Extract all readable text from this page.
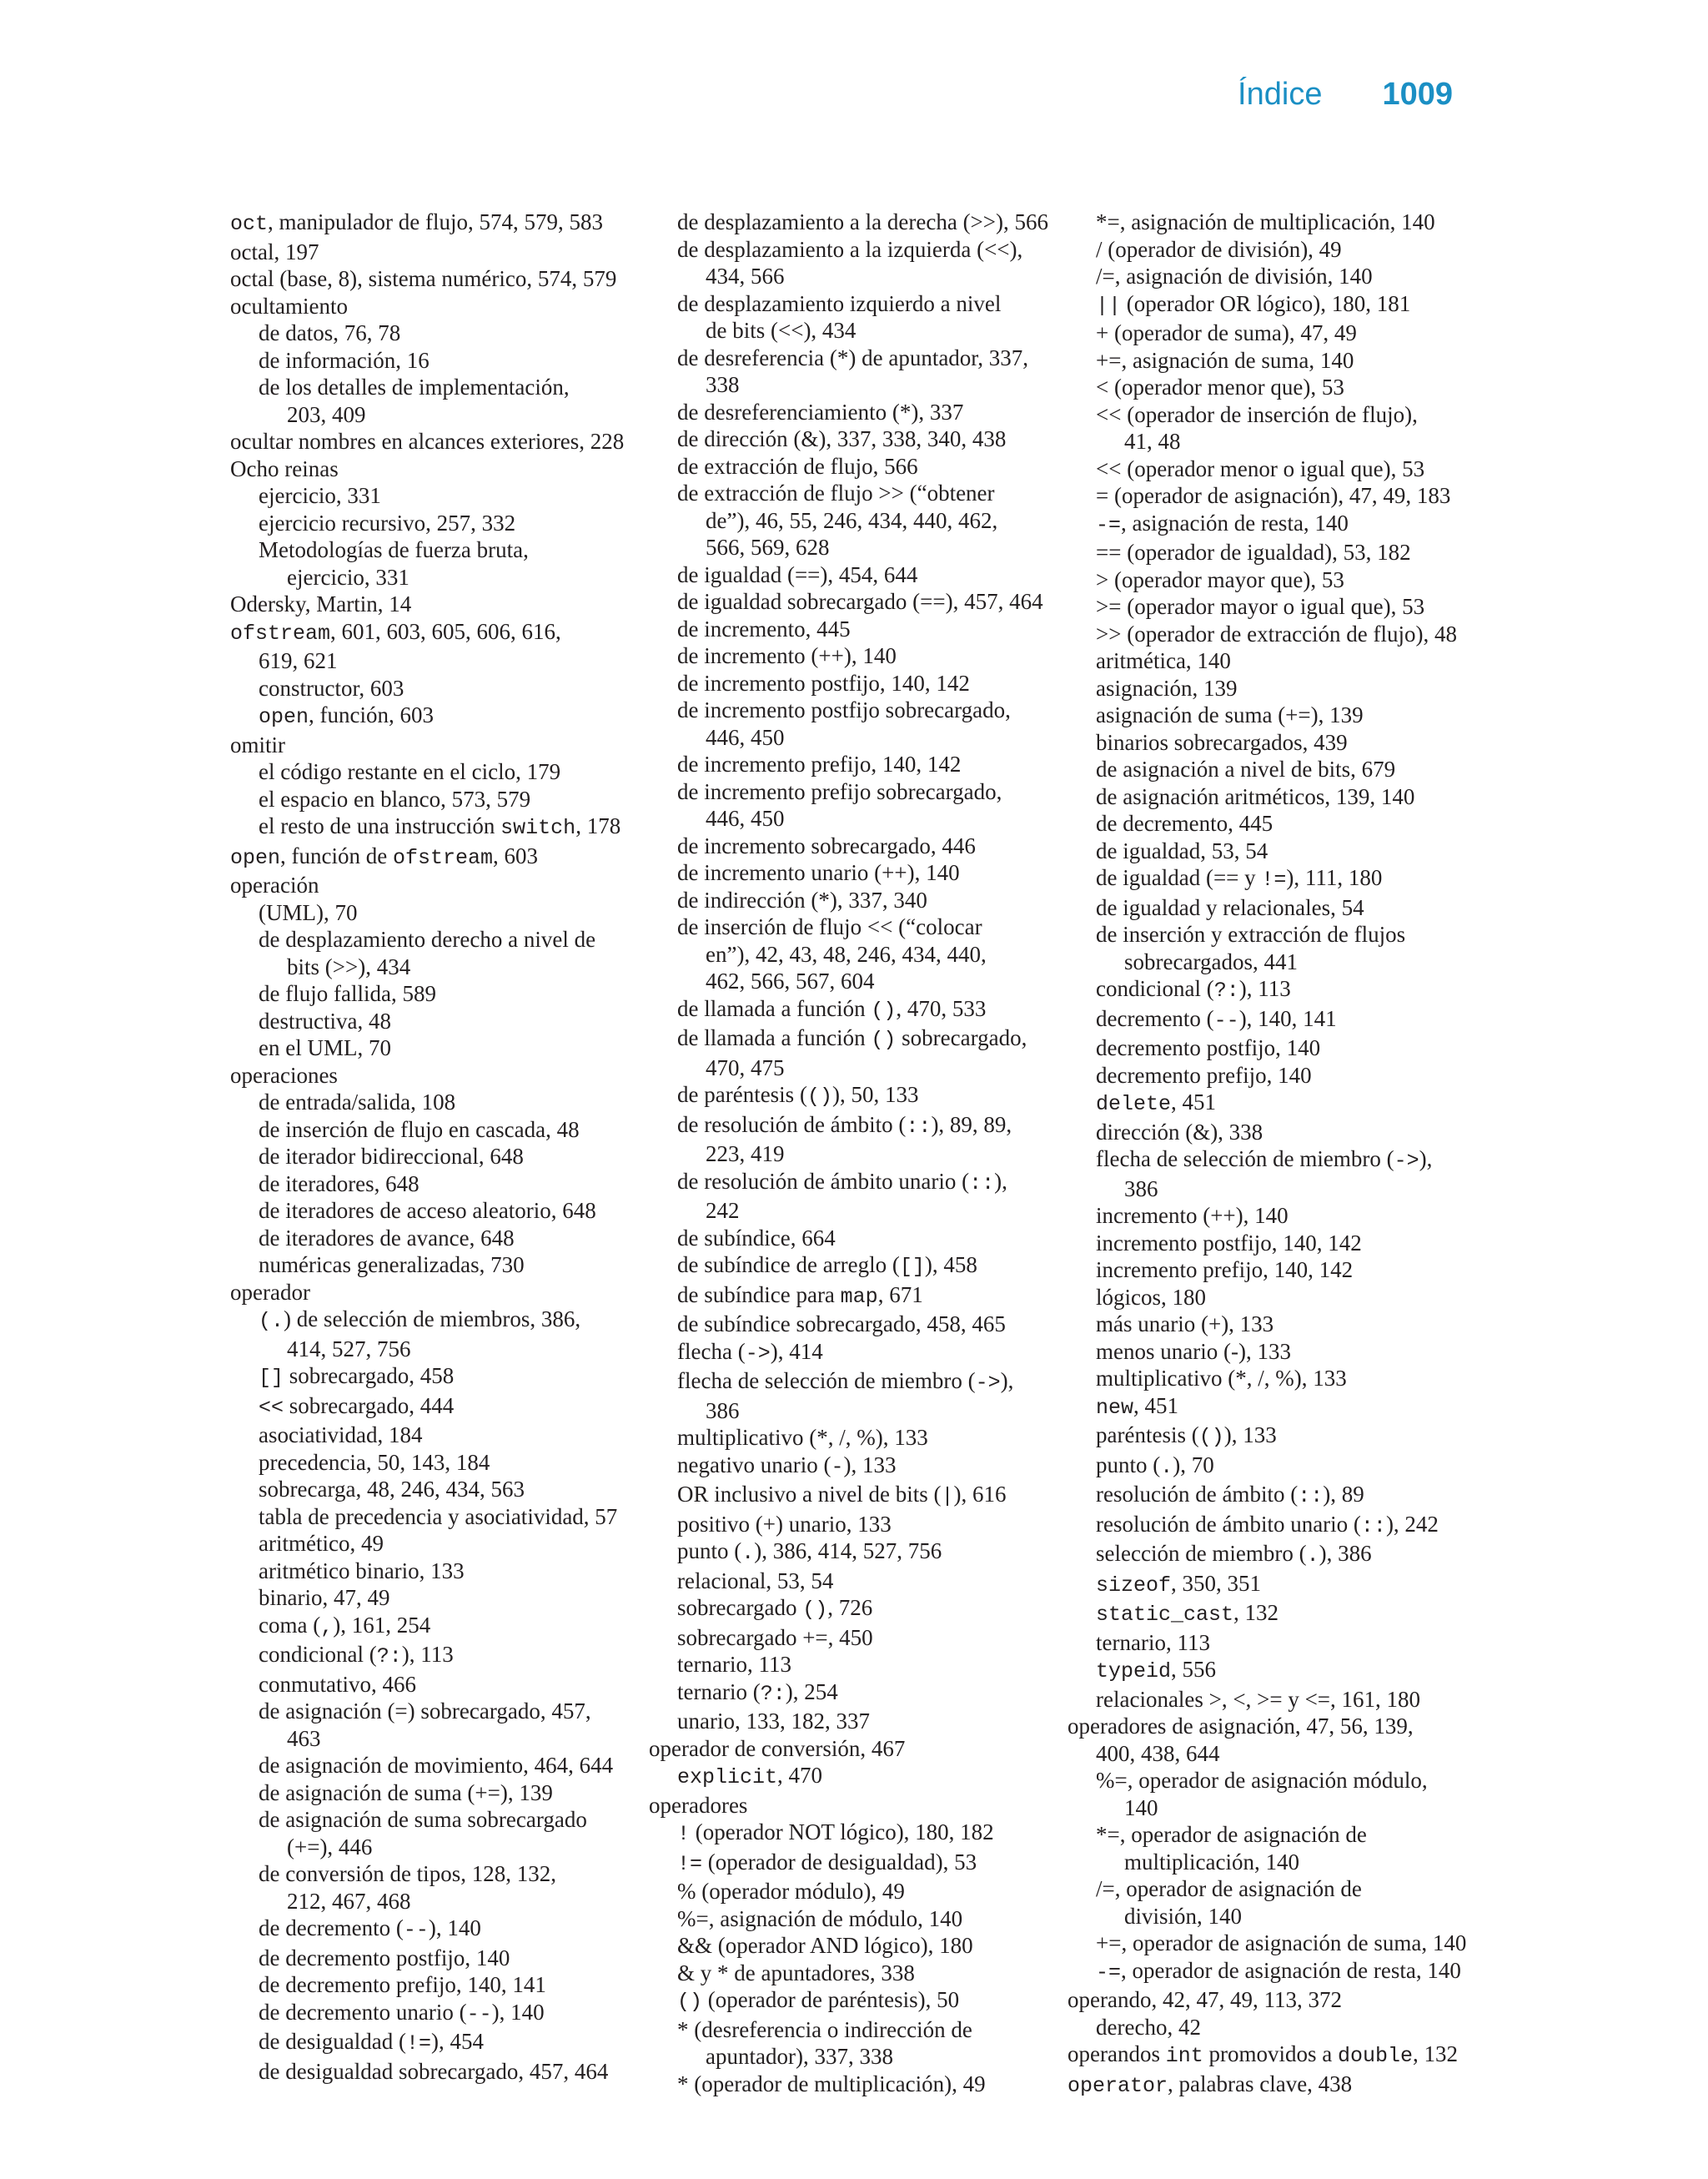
Índice 1009
oct, manipulador de flujo, 574, 579, 583
octal, 197
octal (base, 8), sistema numérico, 574, 579
ocultamiento
de datos, 76, 78
de información, 16
de los detalles de implementación,
203, 409
ocultar nombres en alcances exteriores, 228
Ocho reinas
ejercicio, 331
ejercicio recursivo, 257, 332
Metodologías de fuerza bruta,
ejercicio, 331
Odersky, Martin, 14
ofstream, 601, 603, 605, 606, 616,
619, 621
constructor, 603
open, función, 603
omitir
el código restante en el ciclo, 179
el espacio en blanco, 573, 579
el resto de una instrucción switch, 178
open, función de ofstream, 603
operación
(UML), 70
de desplazamiento derecho a nivel de
bits (>>), 434
de flujo fallida, 589
destructiva, 48
en el UML, 70
operaciones
de entrada/salida, 108
de inserción de flujo en cascada, 48
de iterador bidireccional, 648
de iteradores, 648
de iteradores de acceso aleatorio, 648
de iteradores de avance, 648
numéricas generalizadas, 730
operador
(.) de selección de miembros, 386,
414, 527, 756
[] sobrecargado, 458
<< sobrecargado, 444
asociatividad, 184
precedencia, 50, 143, 184
sobrecarga, 48, 246, 434, 563
tabla de precedencia y asociatividad, 57
aritmético, 49
aritmético binario, 133
binario, 47, 49
coma (,), 161, 254
condicional (?:), 113
conmutativo, 466
de asignación (=) sobrecargado, 457,
463
de asignación de movimiento, 464, 644
de asignación de suma (+=), 139
de asignación de suma sobrecargado
(+=), 446
de conversión de tipos, 128, 132,
212, 467, 468
de decremento (--), 140
de decremento postfijo, 140
de decremento prefijo, 140, 141
de decremento unario (--), 140
de desigualdad (!=), 454
de desigualdad sobrecargado, 457, 464
de desplazamiento a la derecha (>>), 566
de desplazamiento a la izquierda (<<),
434, 566
de desplazamiento izquierdo a nivel
de bits (<<), 434
de desreferencia (*) de apuntador, 337,
338
de desreferenciamiento (*), 337
de dirección (&), 337, 338, 340, 438
de extracción de flujo, 566
de extracción de flujo >> (“obtener
de”), 46, 55, 246, 434, 440, 462,
566, 569, 628
de igualdad (==), 454, 644
de igualdad sobrecargado (==), 457, 464
de incremento, 445
de incremento (++), 140
de incremento postfijo, 140, 142
de incremento postfijo sobrecargado,
446, 450
de incremento prefijo, 140, 142
de incremento prefijo sobrecargado,
446, 450
de incremento sobrecargado, 446
de incremento unario (++), 140
de indirección (*), 337, 340
de inserción de flujo << (“colocar
en”), 42, 43, 48, 246, 434, 440,
462, 566, 567, 604
de llamada a función (), 470, 533
de llamada a función () sobrecargado,
470, 475
de paréntesis (()), 50, 133
de resolución de ámbito (::), 89, 89,
223, 419
de resolución de ámbito unario (::),
242
de subíndice, 664
de subíndice de arreglo ([]), 458
de subíndice para map, 671
de subíndice sobrecargado, 458, 465
flecha (->), 414
flecha de selección de miembro (->),
386
multiplicativo (*, /, %), 133
negativo unario (-), 133
OR inclusivo a nivel de bits (|), 616
positivo (+) unario, 133
punto (.), 386, 414, 527, 756
relacional, 53, 54
sobrecargado (), 726
sobrecargado +=, 450
ternario, 113
ternario (?:), 254
unario, 133, 182, 337
operador de conversión, 467
explicit, 470
operadores
! (operador NOT lógico), 180, 182
!= (operador de desigualdad), 53
% (operador módulo), 49
%=, asignación de módulo, 140
&& (operador AND lógico), 180
& y * de apuntadores, 338
() (operador de paréntesis), 50
* (desreferencia o indirección de
apuntador), 337, 338
* (operador de multiplicación), 49
*=, asignación de multiplicación, 140
/ (operador de división), 49
/=, asignación de división, 140
|| (operador OR lógico), 180, 181
+ (operador de suma), 47, 49
+=, asignación de suma, 140
< (operador menor que), 53
<< (operador de inserción de flujo),
41, 48
<< (operador menor o igual que), 53
= (operador de asignación), 47, 49, 183
-=, asignación de resta, 140
== (operador de igualdad), 53, 182
> (operador mayor que), 53
>= (operador mayor o igual que), 53
>> (operador de extracción de flujo), 48
aritmética, 140
asignación, 139
asignación de suma (+=), 139
binarios sobrecargados, 439
de asignación a nivel de bits, 679
de asignación aritméticos, 139, 140
de decremento, 445
de igualdad, 53, 54
de igualdad (== y !=), 111, 180
de igualdad y relacionales, 54
de inserción y extracción de flujos
sobrecargados, 441
condicional (?:), 113
decremento (--), 140, 141
decremento postfijo, 140
decremento prefijo, 140
delete, 451
dirección (&), 338
flecha de selección de miembro (->),
386
incremento (++), 140
incremento postfijo, 140, 142
incremento prefijo, 140, 142
lógicos, 180
más unario (+), 133
menos unario (-), 133
multiplicativo (*, /, %), 133
new, 451
paréntesis (()), 133
punto (.), 70
resolución de ámbito (::), 89
resolución de ámbito unario (::), 242
selección de miembro (.), 386
sizeof, 350, 351
static_cast, 132
ternario, 113
typeid, 556
relacionales >, <, >= y <=, 161, 180
operadores de asignación, 47, 56, 139,
400, 438, 644
%=, operador de asignación módulo,
140
*=, operador de asignación de
multiplicación, 140
/=, operador de asignación de
división, 140
+=, operador de asignación de suma, 140
-=, operador de asignación de resta, 140
operando, 42, 47, 49, 113, 372
derecho, 42
operandos int promovidos a double, 132
operator, palabras clave, 438
